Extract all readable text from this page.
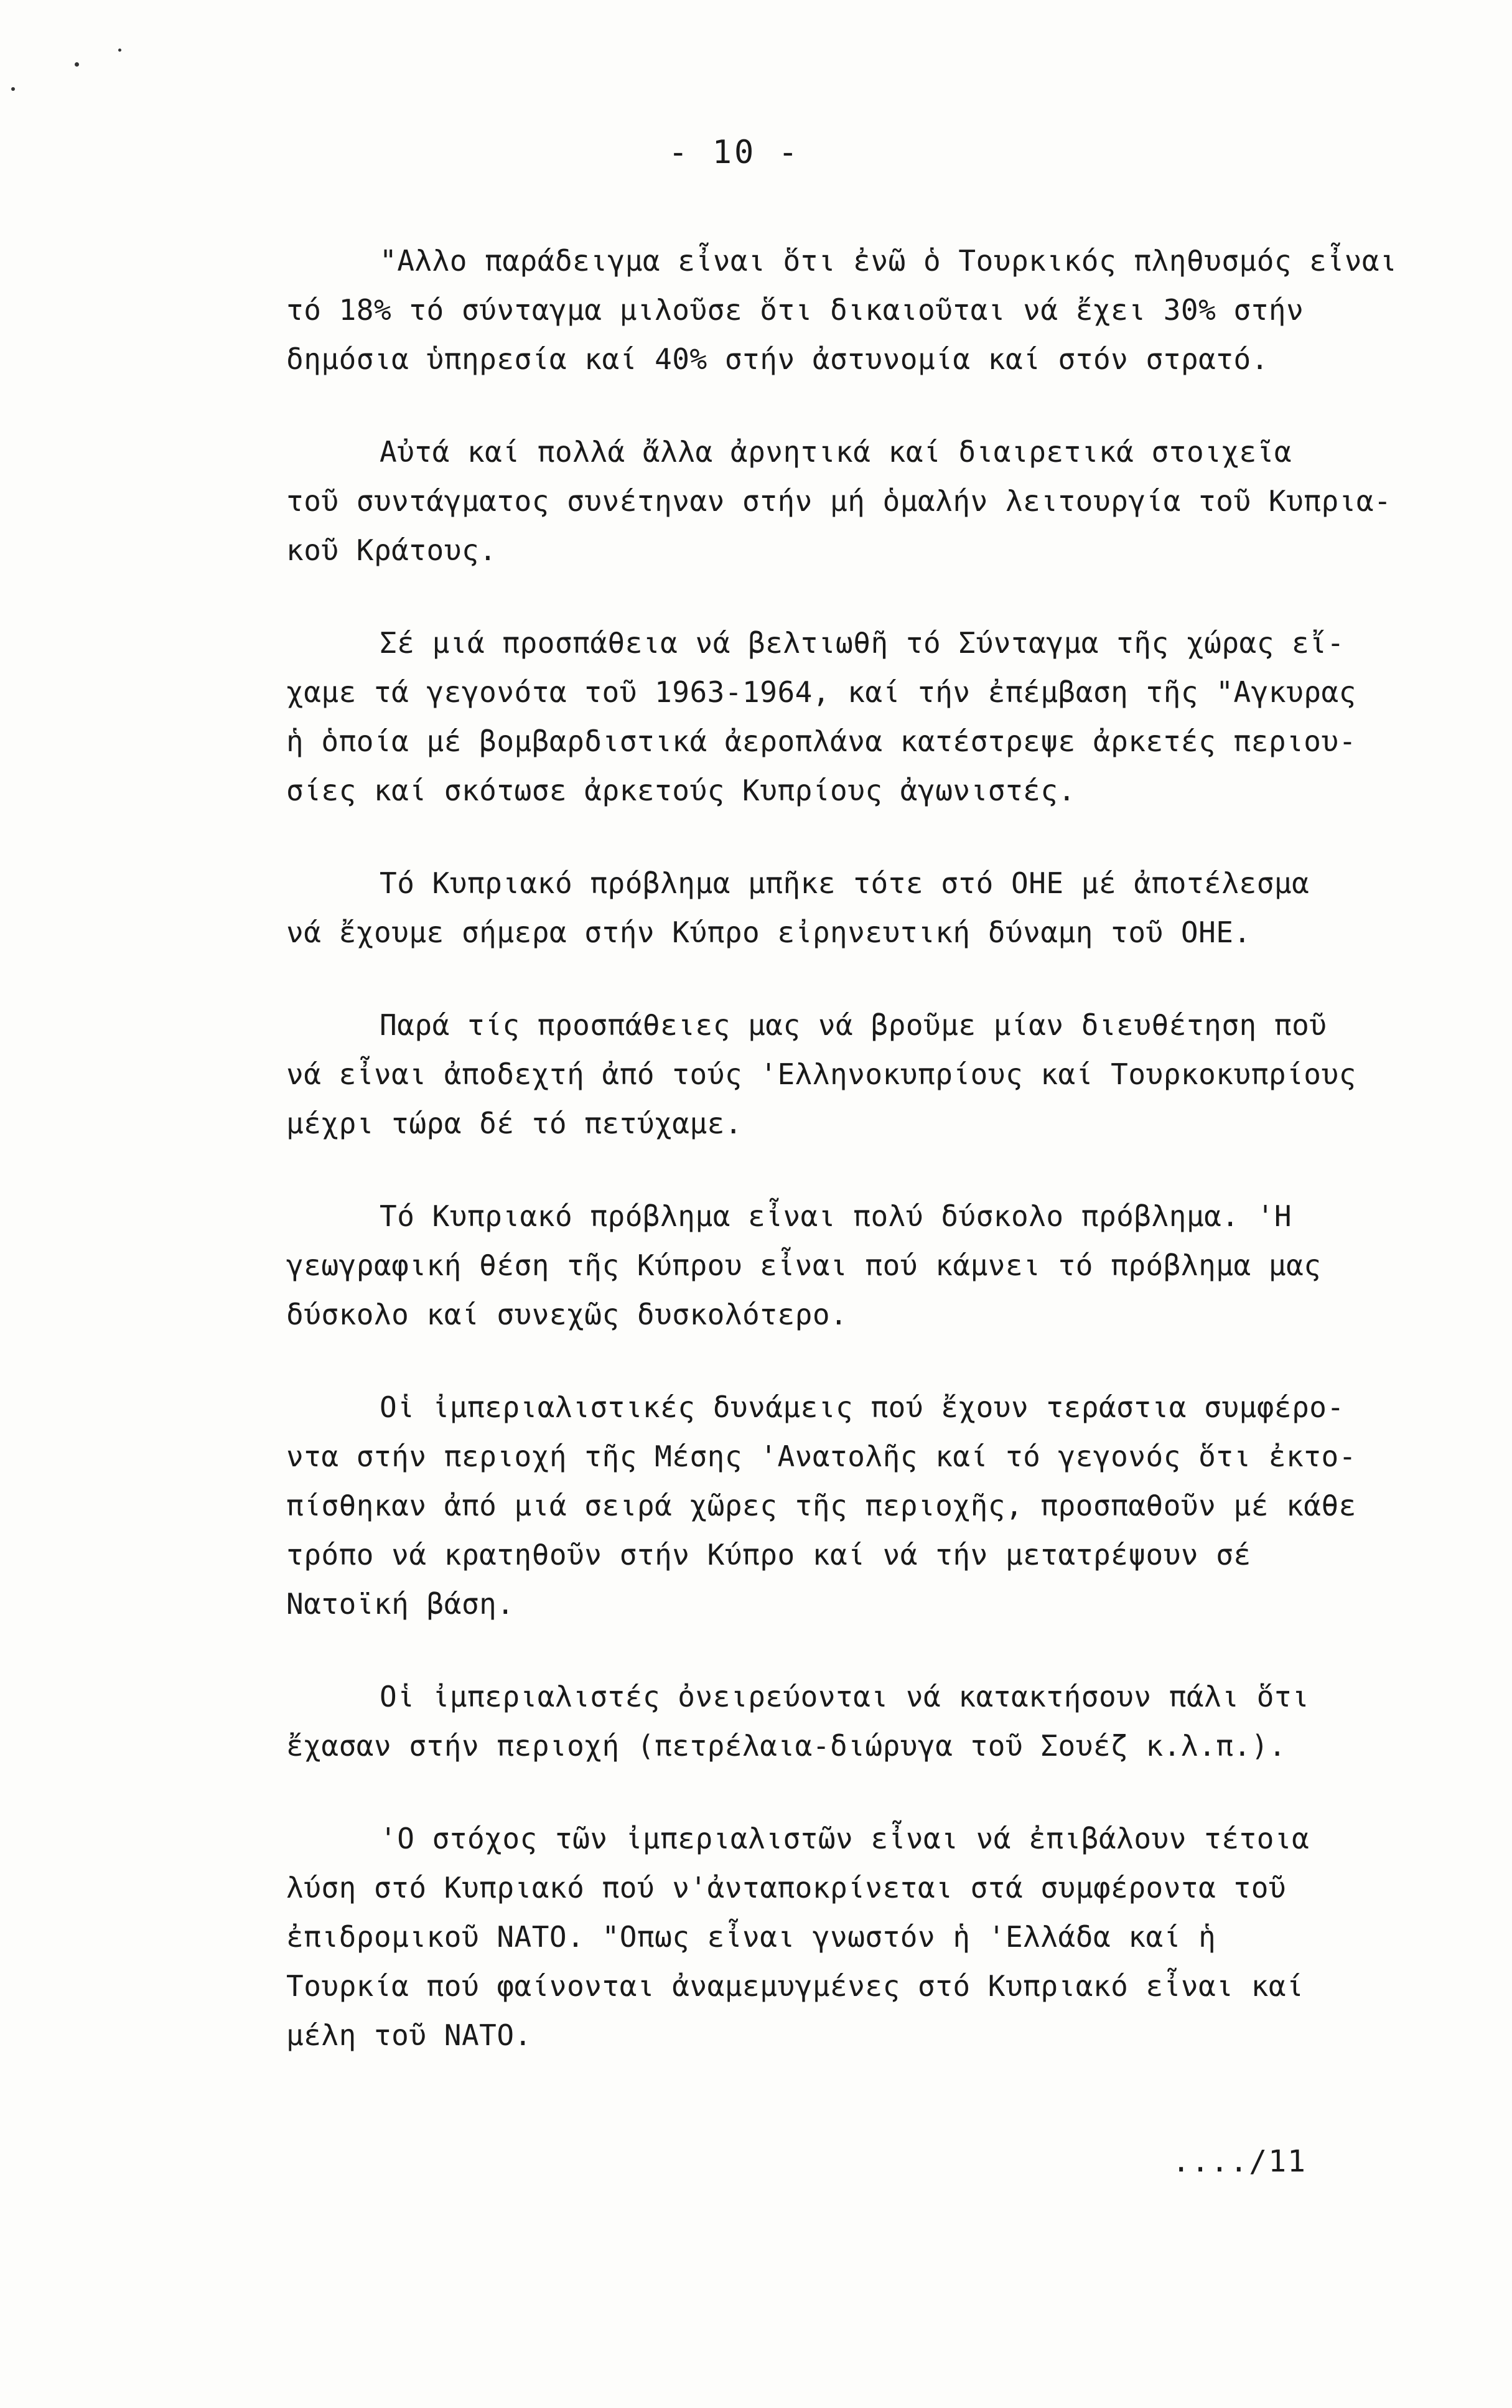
- 10 -
"Αλλο παράδειγμα εἶναι ὅτι ἐνῶ ὁ Τουρκικός πληθυσμός εἶναι
τό 18% τό σύνταγμα μιλοῦσε ὅτι δικαιοῦται νά ἔχει 30% στήν
δημόσια ὑπηρεσία καί 40% στήν ἀστυνομία καί στόν στρατό.
Αὐτά καί πολλά ἄλλα ἀρνητικά καί διαιρετικά στοιχεῖα
τοῦ συντάγματος συνέτηναν στήν μή ὁμαλήν λειτουργία τοῦ Κυπρια-
κοῦ Κράτους.
Σέ μιά προσπάθεια νά βελτιωθῆ τό Σύνταγμα τῆς χώρας εἴ-
χαμε τά γεγονότα τοῦ 1963-1964, καί τήν ἐπέμβαση τῆς "Αγκυρας
ἡ ὁποία μέ βομβαρδιστικά ἀεροπλάνα κατέστρεψε ἀρκετές περιου-
σίες καί σκότωσε ἀρκετούς Κυπρίους ἀγωνιστές.
Τό Κυπριακό πρόβλημα μπῆκε τότε στό ΟΗΕ μέ ἀποτέλεσμα
νά ἔχουμε σήμερα στήν Κύπρο εἰρηνευτική δύναμη τοῦ ΟΗΕ.
Παρά τίς προσπάθειες μας νά βροῦμε μίαν διευθέτηση ποῦ
νά εἶναι ἀποδεχτή ἀπό τούς 'Ελληνοκυπρίους καί Τουρκοκυπρίους
μέχρι τώρα δέ τό πετύχαμε.
Τό Κυπριακό πρόβλημα εἶναι πολύ δύσκολο πρόβλημα. 'Η
γεωγραφική θέση τῆς Κύπρου εἶναι πού κάμνει τό πρόβλημα μας
δύσκολο καί συνεχῶς δυσκολότερο.
Οἱ ἰμπεριαλιστικές δυνάμεις πού ἔχουν τεράστια συμφέρο-
ντα στήν περιοχή τῆς Μέσης 'Ανατολῆς καί τό γεγονός ὅτι ἐκτο-
πίσθηκαν ἀπό μιά σειρά χῶρες τῆς περιοχῆς, προσπαθοῦν μέ κάθε
τρόπο νά κρατηθοῦν στήν Κύπρο καί νά τήν μετατρέψουν σέ
Νατοϊκή βάση.
Οἱ ἰμπεριαλιστές ὀνειρεύονται νά κατακτήσουν πάλι ὅτι
ἔχασαν στήν περιοχή (πετρέλαια-διώρυγα τοῦ Σουέζ κ.λ.π.).
'Ο στόχος τῶν ἰμπεριαλιστῶν εἶναι νά ἐπιβάλουν τέτοια
λύση στό Κυπριακό πού ν'ἀνταποκρίνεται στά συμφέροντα τοῦ
ἐπιδρομικοῦ ΝΑΤΟ. "Οπως εἶναι γνωστόν ἡ 'Ελλάδα καί ἡ
Τουρκία πού φαίνονται ἀναμεμυγμένες στό Κυπριακό εἶναι καί
μέλη τοῦ ΝΑΤΟ.
..../11
